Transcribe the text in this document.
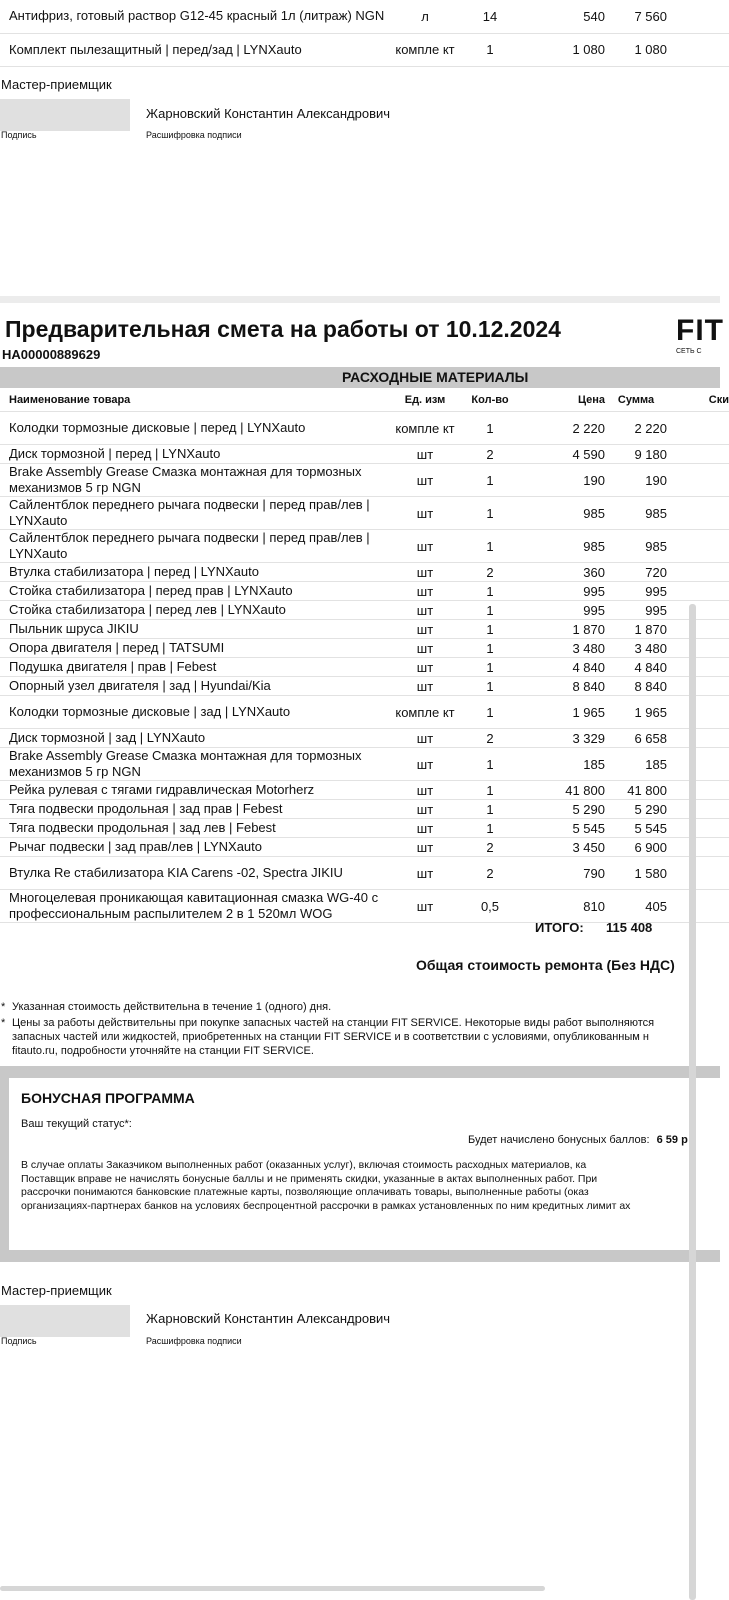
Антифриз, готовый раствор G12-45 красный 1л (литраж) NGN	л	14	540	7 560	
Комплект пылезащитный | перед/зад | LYNXauto	компле кт	1	1 080	1 080	
Мастер-приемщик
Жарновский Константин Александрович
Подпись	Расшифровка подписи
Предварительная смета на работы от 10.12.2024
HA00000889629
FIT
СЕТЬ С
РАСХОДНЫЕ МАТЕРИАЛЫ
Наименование товара	Ед. изм	Кол-во	Цена	Сумма	Ски
Колодки тормозные дисковые | перед | LYNXauto	компле кт	1	2 220	2 220	
Диск тормозной | перед | LYNXauto	шт	2	4 590	9 180	
Brake Assembly Grease Смазка монтажная для тормозных механизмов 5 гр NGN	шт	1	190	190	
Сайлентблок переднего рычага подвески | перед прав/лев | LYNXauto	шт	1	985	985	
Сайлентблок переднего рычага подвески | перед прав/лев | LYNXauto	шт	1	985	985	
Втулка стабилизатора | перед | LYNXauto	шт	2	360	720	
Стойка стабилизатора | перед прав | LYNXauto	шт	1	995	995	
Стойка стабилизатора | перед лев | LYNXauto	шт	1	995	995	
Пыльник шруса JIKIU	шт	1	1 870	1 870	
Опора двигателя | перед | TATSUMI	шт	1	3 480	3 480	
Подушка двигателя | прав | Febest	шт	1	4 840	4 840	
Опорный узел двигателя | зад | Hyundai/Kia	шт	1	8 840	8 840	
Колодки тормозные дисковые | зад | LYNXauto	компле кт	1	1 965	1 965	
Диск тормозной | зад | LYNXauto	шт	2	3 329	6 658	
Brake Assembly Grease Смазка монтажная для тормозных механизмов 5 гр NGN	шт	1	185	185	
Рейка рулевая с тягами гидравлическая Motorherz	шт	1	41 800	41 800	
Тяга подвески продольная | зад прав | Febest	шт	1	5 290	5 290	
Тяга подвески продольная | зад лев | Febest	шт	1	5 545	5 545	
Рычаг подвески | зад прав/лев | LYNXauto	шт	2	3 450	6 900	
Втулка Re стабилизатора KIA Carens -02, Spectra JIKIU	шт	2	790	1 580	
Многоцелевая проникающая кавитационная смазка WG-40 с профессиональным распылителем 2 в 1 520мл WOG	шт	0,5	810	405	
ИТОГО: 115 408
Общая стоимость ремонта (Без НДС)
* Указанная стоимость действительна в течение 1 (одного) дня.
* Цены за работы действительны при покупке запасных частей на станции FIT SERVICE. Некоторые виды работ выполняются
запасных частей или жидкостей, приобретенных на станции FIT SERVICE и в соответствии с условиями, опубликованным н
fitauto.ru, подробности уточняйте на станции FIT SERVICE.
БОНУСНАЯ ПРОГРАММА
Ваш текущий статус*:
Будет начислено бонусных баллов: 6 59 р
В случае оплаты Заказчиком выполненных работ (оказанных услуг), включая стоимость расходных материалов, ка
Поставщик вправе не начислять бонусные баллы и не применять скидки, указанные в актах выполненных работ. При
рассрочки понимаются банковские платежные карты, позволяющие оплачивать товары, выполненные работы (оказ
организациях-партнерах банков на условиях беспроцентной рассрочки в рамках установленных по ним кредитных лимит ах
Мастер-приемщик
Жарновский Константин Александрович
Подпись	Расшифровка подписи
